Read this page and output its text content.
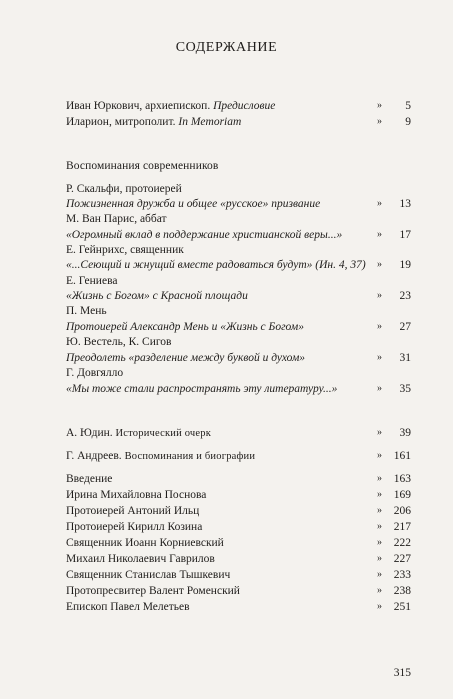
СОДЕРЖАНИЕ
Иван Юркович, архиепископ. Предисловие	» 5
Иларион, митрополит. In Memoriam	» 9
Воспоминания современников
Р. Скальфи, протоиерей
Пожизненная дружба и общее «русское» призвание	» 13
М. Ван Парис, аббат
«Огромный вклад в поддержание христианской веры...»	» 17
Е. Гейнрихс, священник
«...Сеющий и жнущий вместе радоваться будут» (Ин. 4, 37) » 19
Е. Гениева
«Жизнь с Богом» с Красной площади	» 23
П. Мень
Протоиерей Александр Мень и «Жизнь с Богом»	» 27
Ю. Вестель, К. Сигов
Преодолеть «разделение между буквой и духом»	» 31
Г. Довгялло
«Мы тоже стали распространять эту литературу...»	» 35
А. Юдин. Исторический очерк	» 39
Г. Андреев. Воспоминания и биографии	» 161
Введение	» 163
Ирина Михайловна Поснова	» 169
Протоиерей Антоний Ильц	» 206
Протоиерей Кирилл Козина	» 217
Священник Иоанн Корниевский	» 222
Михаил Николаевич Гаврилов	» 227
Священник Станислав Тышкевич	» 233
Протопресвитер Валент Роменский	» 238
Епископ Павел Мелетьев	» 251
315
